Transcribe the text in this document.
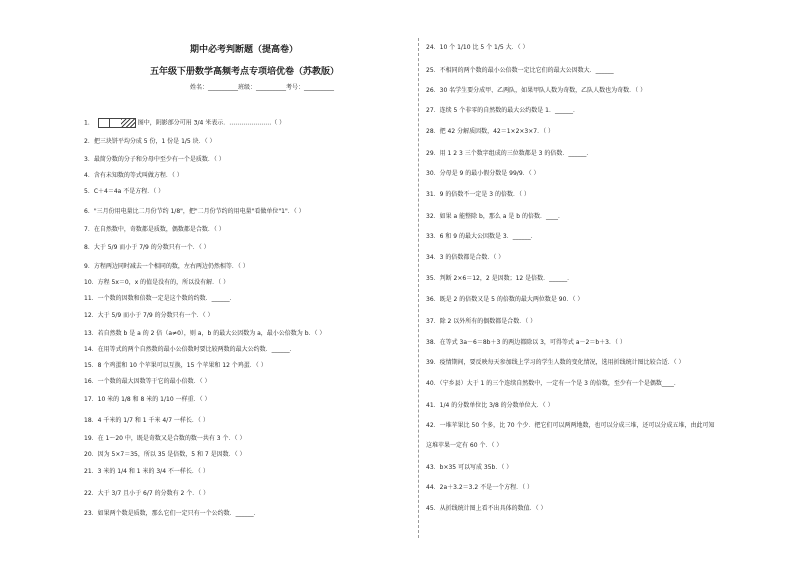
期中必考判断题（提高卷）
五年级下册数学高频考点专项培优卷（苏教版）
姓名：__________班级：__________考号：__________
1．	图中，阴影部分可用 3/4 米表示．…………………（ ）
2．把三块饼平均分成 5 份，1 份是 1/5 块．（ ）
3．最简分数的分子和分母中至少有一个是质数．（ ）
4．含有未知数的等式叫做方程．（ ）
5．C＋4＝4a 不是方程．（ ）
6．"三月份用电量比二月份节约 1/8"，把"二月份节约的用电量"看做单位"1"．（ ）
7．在自然数中，奇数都是质数，偶数都是合数．（ ）
8．大于 5/9 而小于 7/9 的分数只有一个．（ ）
9．方程两边同时减去一个相同的数，左右两边仍然相等．（ ）
10．方程 5x＝0，x 的值是没有的，所以没有解．（ ）
11．一个数的因数和倍数一定是这个数的约数．______．
12．大于 5/9 而小于 7/9 的分数只有一个．（ ）
13．若自然数 b 是 a 的 2 倍（a≠0），则 a，b 的最大公因数为 a，最小公倍数为 b．（ ）
14．在用等式的两个自然数的最小公倍数时要比较两数的最大公约数．______．
15．8 个鸡蛋和 10 个苹果可以互换，15 个苹果和 12 个鸡蛋．（ ）
16．一个数的最大因数等于它的最小倍数．（ ）
17．10 米的 1/8 和 8 米的 1/10 一样重．（ ）
18．4 千米的 1/7 和 1 千米 4/7 一样长．（ ）
19．在 1～20 中，既是奇数又是合数的数一共有 3 个．（ ）
20．因为 5×7＝35，所以 35 是倍数，5 和 7 是因数．（ ）
21．3 米的 1/4 和 1 米的 3/4 不一样长．（ ）
22．大于 3/7 且小于 6/7 的分数有 2 个．（ ）
23．如果两个数是质数，那么它们一定只有一个公约数．______．
24．10 个 1/10 比 5 个 1/5 大．（ ）
25．不相同的两个数的最小公倍数一定比它们的最大公因数大．______
26．30 名学生要分成甲、乙两队，如果甲队人数为奇数，乙队人数也为奇数．（ ）
27．连续 5 个非零的自然数的最大公约数是 1．______．
28．把 42 分解质因数，42＝1×2×3×7．（ ）
29．用 1 2 3 三个数字组成的三位数都是 3 的倍数．______．
30．分母是 9 的最小假分数是 99/9．（ ）
31．9 的倍数不一定是 3 的倍数．（ ）
32．如果 a 能整除 b，那么 a 是 b 的倍数．____．
33．6 和 9 的最大公因数是 3．______．
34．3 的倍数都是合数．（ ）
35．判断 2×6＝12，2 是因数；12 是倍数．______．
36．既是 2 的倍数又是 5 的倍数的最大两位数是 90．（ ）
37．除 2 以外所有的偶数都是合数．（ ）
38．在等式 3a－6＝8b＋3 的两边都除以 3，可得等式 a－2＝b＋3．（ ）
39．疫情期间，要反映每天参加线上学习的学生人数的变化情况，选用折线统计图比较合适．（ ）
40．（宁乡县）大于 1 的三个连续自然数中，一定有一个是 3 的倍数，至少有一个是偶数____．
41．1/4 的分数单位比 3/8 的分数单位大．（ ）
42．一堆苹果比 50 个多，比 70 个少．把它们可以两两地数，也可以分成三堆，还可以分成五堆，由此可知
这堆苹果一定有 60 个．（ ）
43．b×35 可以写成 35b．（ ）
44．2a＋3.2＝3.2 不是一个方程．（ ）
45．从折线统计图上看不出具体的数值．（ ）
